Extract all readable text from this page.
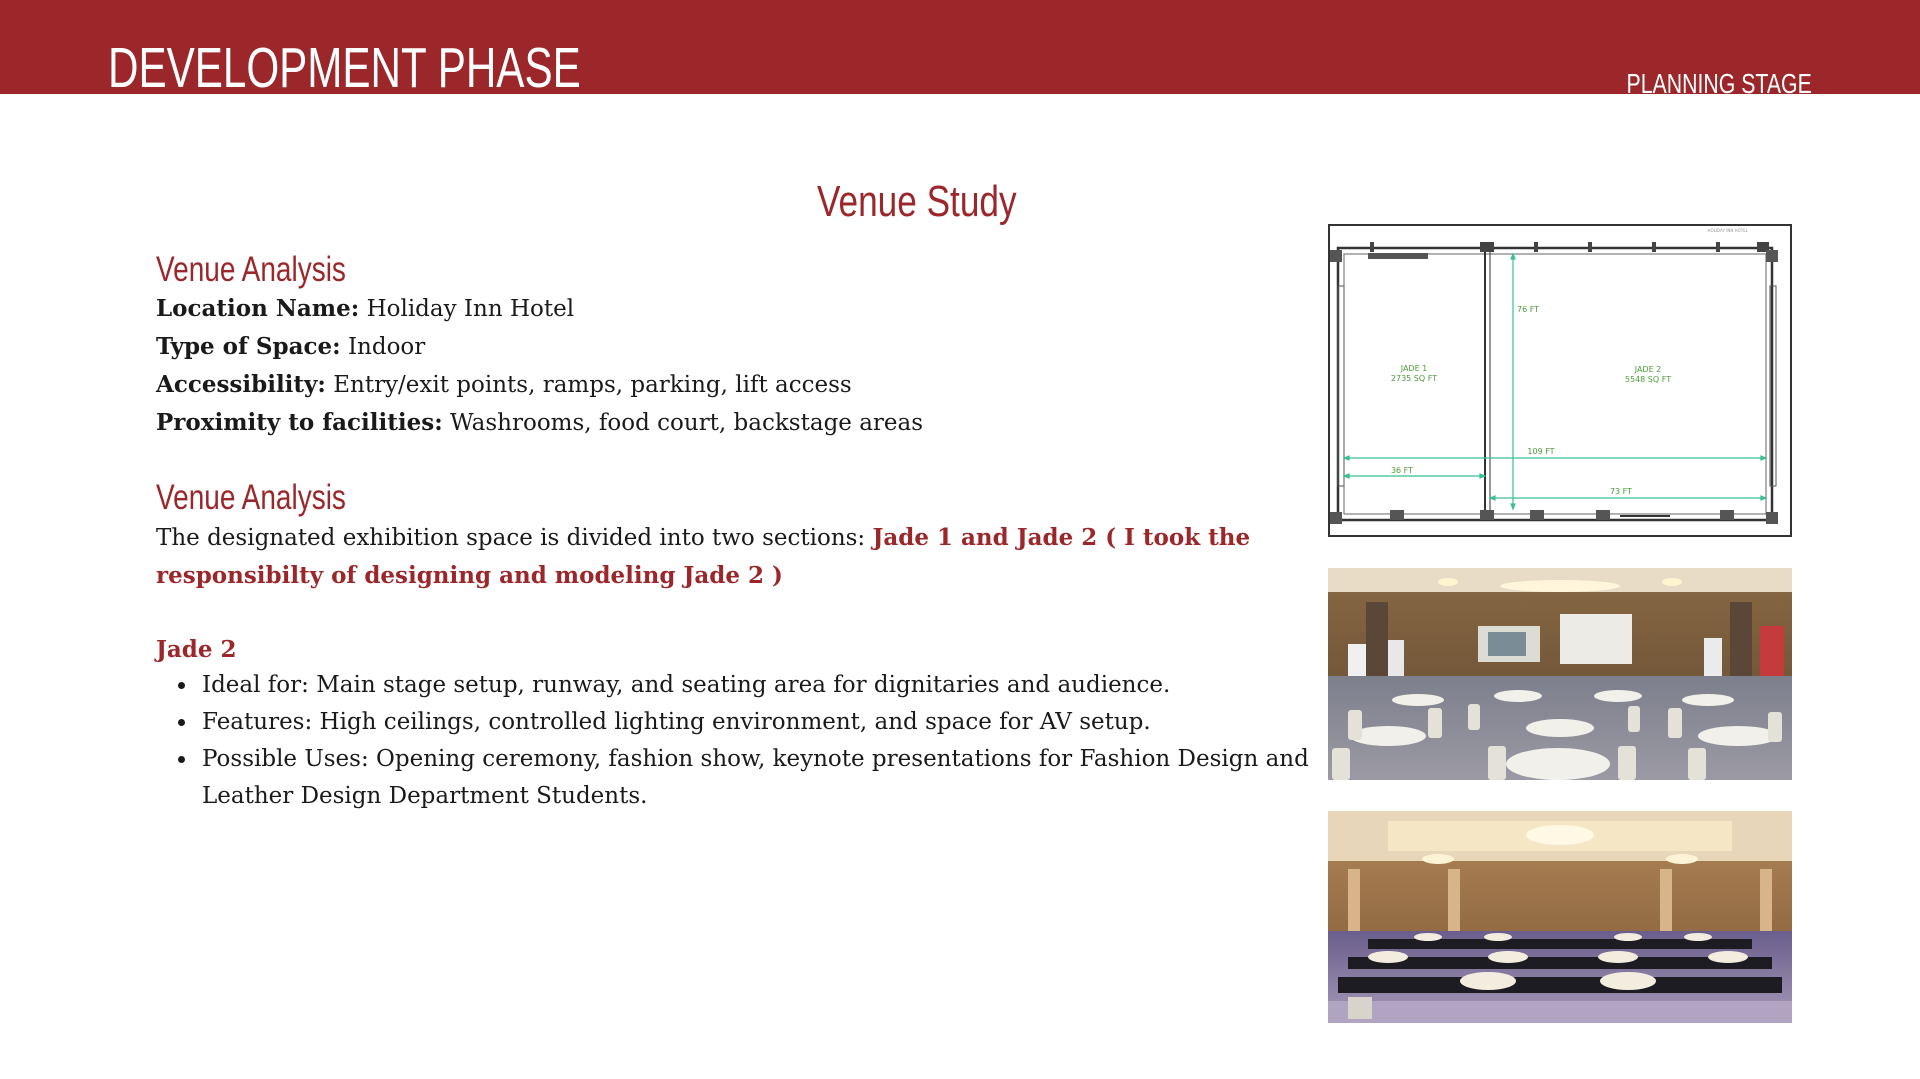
DEVELOPMENT PHASE	PLANNING STAGE
Venue Study
Venue Analysis
Location Name: Holiday Inn Hotel
Type of Space: Indoor
Accessibility: Entry/exit points, ramps, parking, lift access
Proximity to facilities: Washrooms, food court, backstage areas
Venue Analysis

The designated exhibition space is divided into two sections: Jade 1 and Jade 2 ( I took the responsibilty of designing and modeling Jade 2 )

Jade 2
Ideal for: Main stage setup, runway, and seating area for dignitaries and audience.
Features: High ceilings, controlled lighting environment, and space for AV setup.
Possible Uses: Opening ceremony, fashion show, keynote presentations for Fashion Design and Leather Design Department Students.
HOLIDAY INN HOTEL
76 FT
JADE 1
2735 SQ FT
JADE 2
5548 SQ FT
109 FT
36 FT
73 FT
